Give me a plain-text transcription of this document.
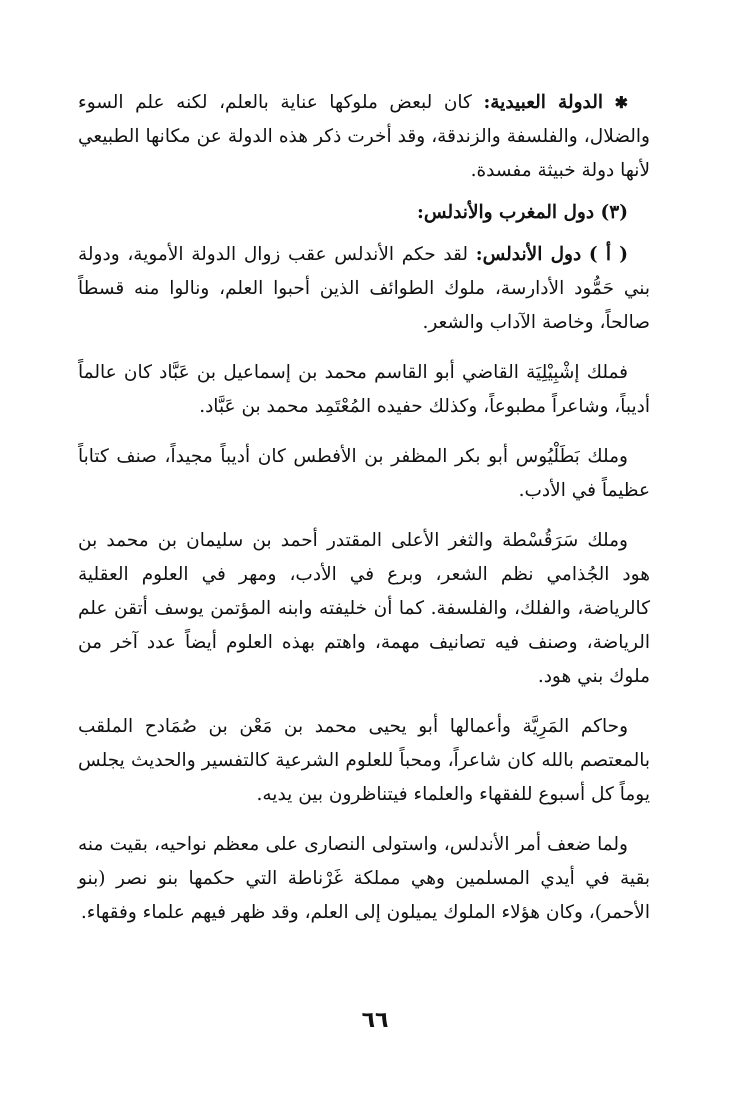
✱ الدولة العبيدية: كان لبعض ملوكها عناية بالعلم، لكنه علم السوء والضلال، والفلسفة والزندقة، وقد أخرت ذكر هذه الدولة عن مكانها الطبيعي لأنها دولة خبيثة مفسدة.

(٣) دول المغرب والأندلس:

( أ ) دول الأندلس: لقد حكم الأندلس عقب زوال الدولة الأموية، ودولة بني حَمُّود الأدارسة، ملوك الطوائف الذين أحبوا العلم، ونالوا منه قسطاً صالحاً، وخاصة الآداب والشعر.

فملك إشْبِيْلِيَة القاضي أبو القاسم محمد بن إسماعيل بن عَبَّاد كان عالماً أديباً، وشاعراً مطبوعاً، وكذلك حفيده المُعْتَمِد محمد بن عَبَّاد.

وملك بَطَلْيُوس أبو بكر المظفر بن الأفطس كان أديباً مجيداً، صنف كتاباً عظيماً في الأدب.

وملك سَرَقُسْطة والثغر الأعلى المقتدر أحمد بن سليمان بن محمد بن هود الجُذامي نظم الشعر، وبرع في الأدب، ومهر في العلوم العقلية كالرياضة، والفلك، والفلسفة. كما أن خليفته وابنه المؤتمن يوسف أتقن علم الرياضة، وصنف فيه تصانيف مهمة، واهتم بهذه العلوم أيضاً عدد آخر من ملوك بني هود.

وحاكم المَرِيَّة وأعمالها أبو يحيى محمد بن مَعْن بن صُمَادح الملقب بالمعتصم بالله كان شاعراً، ومحباً للعلوم الشرعية كالتفسير والحديث يجلس يوماً كل أسبوع للفقهاء والعلماء فيتناظرون بين يديه.

ولما ضعف أمر الأندلس، واستولى النصارى على معظم نواحيه، بقيت منه بقية في أيدي المسلمين وهي مملكة غَرْناطة التي حكمها بنو نصر (بنو الأحمر)، وكان هؤلاء الملوك يميلون إلى العلم، وقد ظهر فيهم علماء وفقهاء.

٦٦
